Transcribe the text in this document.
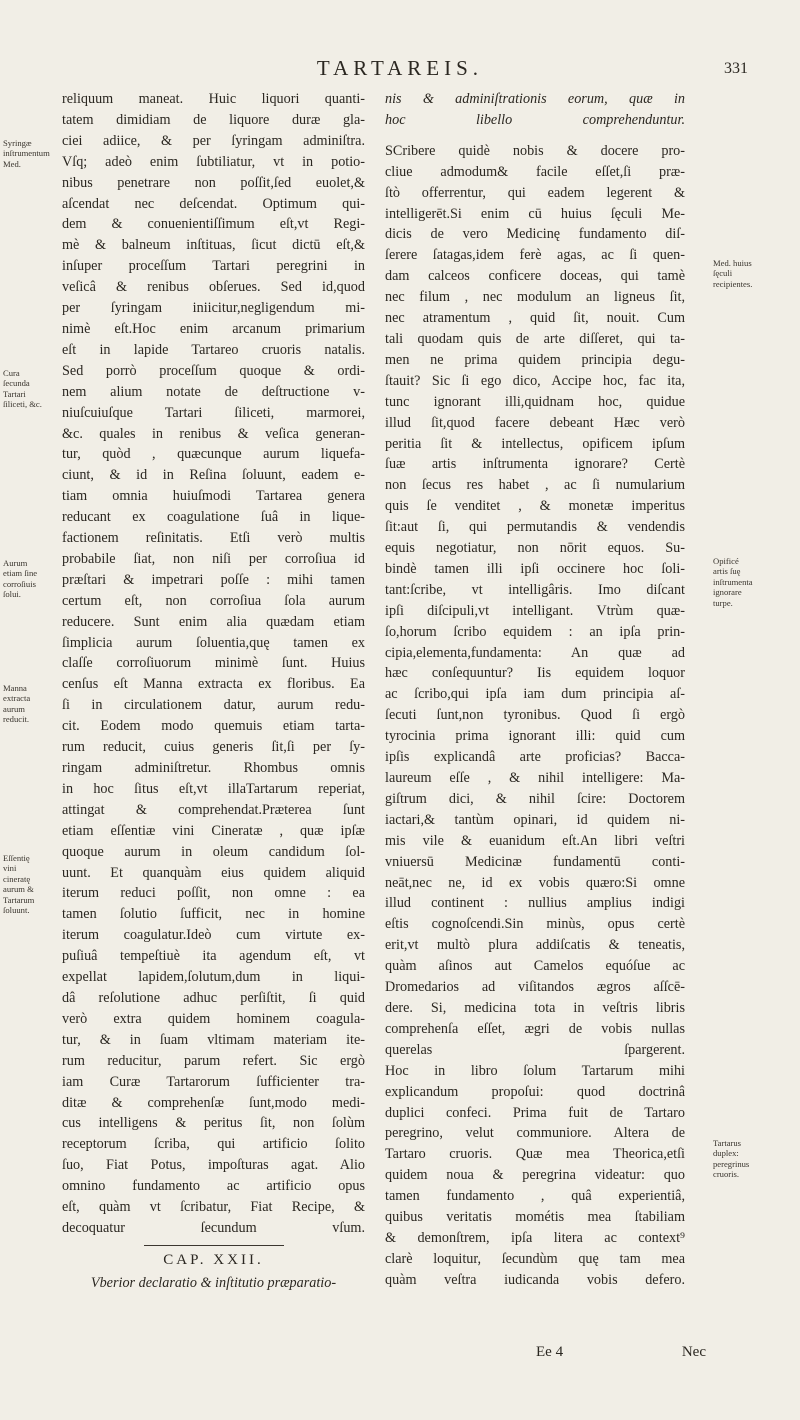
TARTAREIS.	331
Syringæ inſtrumentum Med.
Cura ſecunda Tartari ſiliceti, &c.
Aurum etiam ſine corroſiuis ſolui.
Manna extracta aurum reducit.
Eſſentię vini cineratę aurum & Tartarum ſoluunt.
Med. huius ſęculi recipientes.
Opificé artis ſuę inſtrumenta ignorare turpe.
Tartarus duplex: peregrinus cruoris.
reliquum maneat. Huic liquori quanti-
tatem dimidiam de liquore duræ gla-
ciei adiice, & per ſyringam adminiſtra.
Vſq; adeò enim ſubtiliatur, vt in potio-
nibus penetrare non poſſit,ſed euolet,&
aſcendat nec deſcendat. Optimum qui-
dem & conuenientiſſimum eſt,vt Regi-
mè & balneum inſtituas, ſicut dictū eſt,&
inſuper proceſſum Tartari peregrini in
veſicâ & renibus obſerues. Sed id,quod
per ſyringam iniicitur,negligendum mi-
nimè eſt.Hoc enim arcanum primarium
eſt in lapide Tartareo cruoris natalis.
Sed porrò proceſſum quoque & ordi-
nem alium notate de deſtructione v-
niuſcuiuſque Tartari ſiliceti, marmorei,
&c. quales in renibus & veſica generan-
tur, quòd , quæcunque aurum liquefa-
ciunt, & id in Reſina ſoluunt, eadem e-
tiam omnia huiuſmodi Tartarea genera
reducant ex coagulatione ſuâ in lique-
factionem reſinitatis. Etſi verò multis
probabile ſiat, non niſi per corroſiua id
præſtari & impetrari poſſe : mihi tamen
certum eſt, non corroſiua ſola aurum
reducere. Sunt enim alia quædam etiam
ſimplicia aurum ſoluentia,quę tamen ex
claſſe corroſiuorum minimè ſunt. Huius
cenſus eſt Manna extracta ex floribus. Ea
ſi in circulationem datur, aurum redu-
cit. Eodem modo quemuis etiam tarta-
rum reducit, cuius generis ſit,ſi per ſy-
ringam adminiſtretur. Rhombus omnis
in hoc ſitus eſt,vt illaTartarum reperiat,
attingat & comprehendat.Præterea ſunt
etiam eſſentiæ vini Cineratæ , quæ ipſæ
quoque aurum in oleum candidum ſol-
uunt. Et quanquàm eius quidem aliquid
iterum reduci poſſit, non omne : ea
tamen ſolutio ſufficit, nec in homine
iterum coagulatur.Ideò cum virtute ex-
puſiuâ tempeſtiuè ita agendum eſt, vt
expellat lapidem,ſolutum,dum in liqui-
dâ reſolutione adhuc perſiſtit, ſi quid
verò extra quidem hominem coagula-
tur, & in ſuam vltimam materiam ite-
rum reducitur, parum refert. Sic ergò
iam Curæ Tartarorum ſufficienter tra-
ditæ & comprehenſæ ſunt,modo medi-
cus intelligens & peritus ſit, non ſolùm
receptorum ſcriba, qui artificio ſolito
ſuo, Fiat Potus, impoſturas agat. Alio
omnino fundamento ac artificio opus
eſt, quàm vt ſcribatur, Fiat Recipe, &
decoquatur ſecundum vſum.
CAP. XXII.
Vberior declaratio & inſtitutio præparatio-
nis & adminiſtrationis eorum, quæ in
hoc libello comprehenduntur.
SCribere quidè nobis & docere pro-
cliue admodum& facile eſſet,ſi præ-
ſtò offerrentur, qui eadem legerent &
intelligerēt.Si enim cū huius ſęculi Me-
dicis de vero Medicinę fundamento diſ-
ſerere ſatagas,idem ferè agas, ac ſi quen-
dam calceos conficere doceas, qui tamè
nec filum , nec modulum an ligneus ſit,
nec atramentum , quid ſit, nouit. Cum
tali quodam quis de arte diſſeret, qui ta-
men ne prima quidem principia degu-
ſtauit? Sic ſi ego dico, Accipe hoc, fac ita,
tunc ignorant illi,quidnam hoc, quidue
illud ſit,quod facere debeant Hæc verò
peritia ſit & intellectus, opificem ipſum
ſuæ artis inſtrumenta ignorare? Certè
non ſecus res habet , ac ſi numularium
quis ſe venditet , & monetæ imperitus
ſit:aut ſi, qui permutandis & vendendis
equis negotiatur, non nōrit equos. Su-
bindè tamen illi ipſi occinere hoc ſoli-
tant:ſcribe, vt intelligâris. Imo diſcant
ipſi diſcipuli,vt intelligant. Vtrùm quæ-
ſo,horum ſcribo equidem : an ipſa prin-
cipia,elementa,fundamenta: An quæ ad
hæc conſequuntur? Iis equidem loquor
ac ſcribo,qui ipſa iam dum principia aſ-
ſecuti ſunt,non tyronibus. Quod ſi ergò
tyrocinia prima ignorant illi: quid cum
ipſis explicandâ arte proficias? Bacca-
laureum eſſe , & nihil intelligere: Ma-
giſtrum dici, & nihil ſcire: Doctorem
iactari,& tantùm opinari, id quidem ni-
mis vile & euanidum eſt.An libri veſtri
vniuersū Medicinæ fundamentū conti-
neāt,nec ne, id ex vobis quæro:Si omne
illud continent : nullius amplius indigi
eſtis cognoſcendi.Sin minùs, opus certè
erit,vt multò plura addiſcatis & teneatis,
quàm aſinos aut Camelos equóſue ac
Dromedarios ad viſitandos ægros aſſcē-
dere. Si, medicina tota in veſtris libris
comprehenſa eſſet, ægri de vobis nullas
querelas ſpargerent.
Hoc in libro ſolum Tartarum mihi
explicandum propoſui: quod doctrinâ
duplici confeci. Prima fuit de Tartaro
peregrino, velut communiore. Altera de
Tartaro cruoris. Quæ mea Theorica,etſi
quidem noua & peregrina videatur: quo
tamen fundamento , quâ experientiâ,
quibus veritatis mométis mea ſtabiliam
& demonſtrem, ipſa litera ac context⁹
clarè loquitur, ſecundùm quę tam mea
quàm veſtra iudicanda vobis defero.
Ee 4	Nec
